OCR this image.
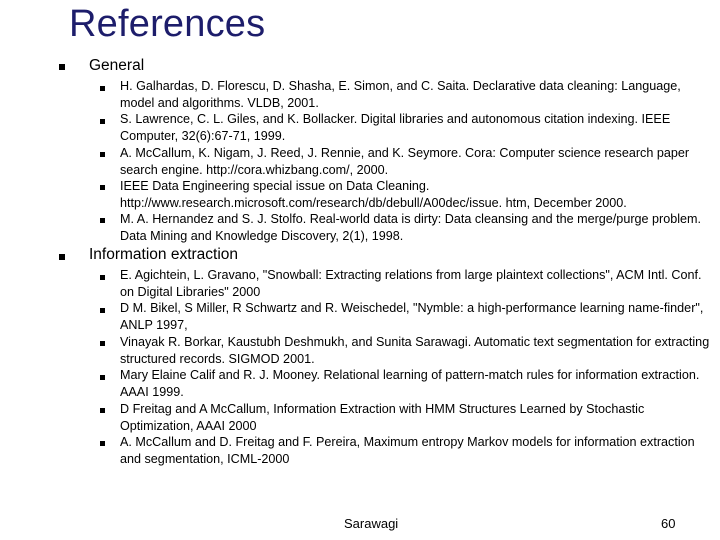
References
General
H. Galhardas, D. Florescu, D. Shasha, E. Simon, and C. Saita. Declarative data cleaning: Language, model and algorithms. VLDB, 2001.
S. Lawrence, C. L. Giles, and K. Bollacker. Digital libraries and autonomous citation indexing. IEEE Computer, 32(6):67-71, 1999.
A. McCallum, K. Nigam, J. Reed, J. Rennie, and K. Seymore. Cora: Computer science research paper search engine. http://cora.whizbang.com/, 2000.
IEEE Data Engineering special issue on Data Cleaning. http://www.research.microsoft.com/research/db/debull/A00dec/issue. htm, December 2000.
M. A. Hernandez and S. J. Stolfo. Real-world data is dirty: Data cleansing and the merge/purge problem. Data Mining and Knowledge Discovery, 2(1), 1998.
Information extraction
E. Agichtein, L. Gravano, "Snowball: Extracting relations from large plaintext collections", ACM Intl. Conf. on Digital Libraries" 2000
D M. Bikel, S Miller, R Schwartz and R. Weischedel, "Nymble: a high-performance learning name-finder", ANLP 1997,
Vinayak R. Borkar, Kaustubh Deshmukh, and Sunita Sarawagi. Automatic text segmentation for extracting structured records. SIGMOD 2001.
Mary Elaine Calif and R. J. Mooney. Relational learning of pattern-match rules for information extraction. AAAI 1999.
D Freitag and A McCallum, Information Extraction with HMM Structures Learned by Stochastic Optimization, AAAI 2000
A. McCallum and D. Freitag and F. Pereira, Maximum entropy Markov models for information extraction and segmentation, ICML-2000
Sarawagi	60
